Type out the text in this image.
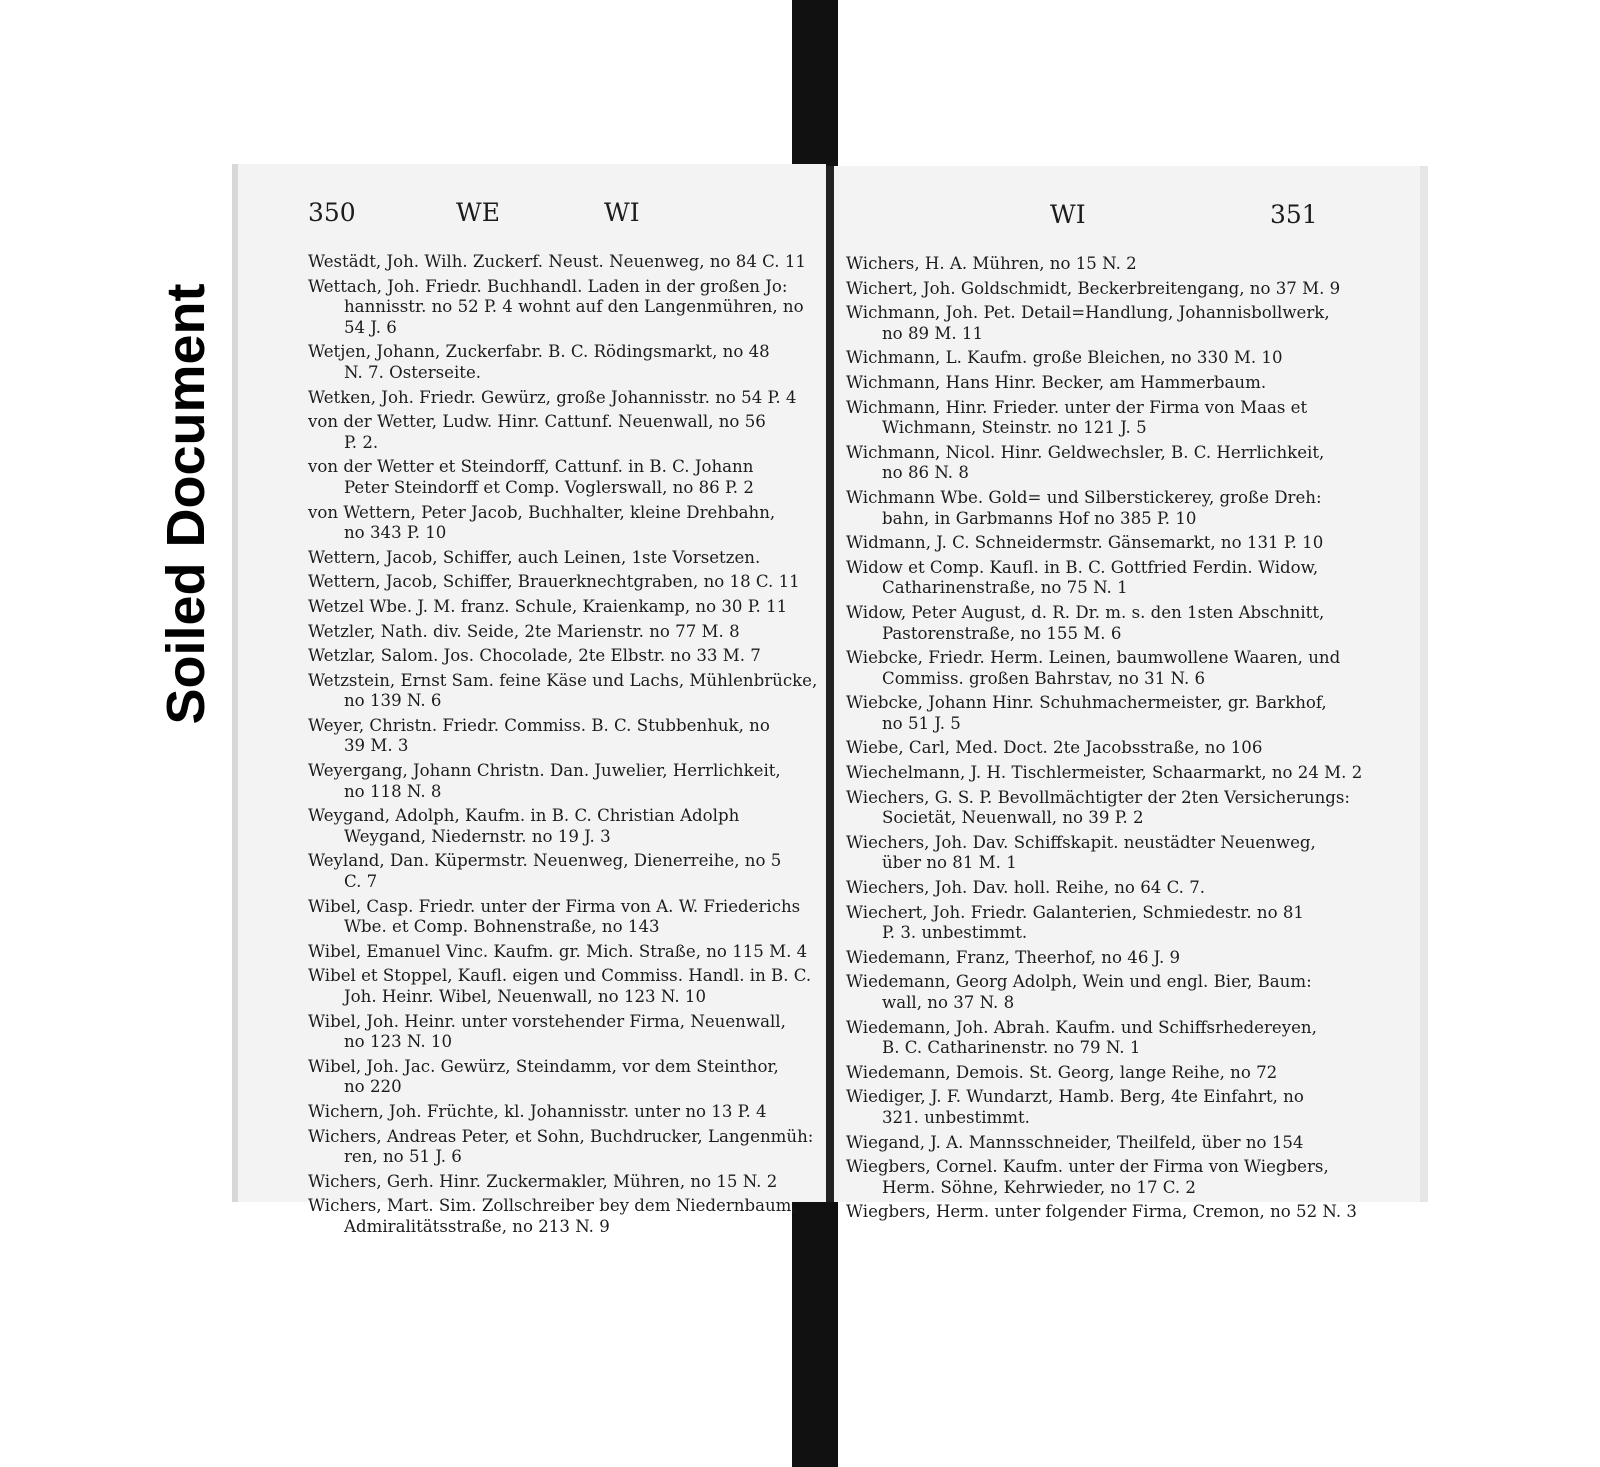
Soiled Document
350	WE	WI
Westädt, Joh. Wilh. Zuckerf. Neust. Neuenweg, no 84 C. 11
Wettach, Joh. Friedr. Buchhandl. Laden in der großen Jo:
hannisstr. no 52 P. 4 wohnt auf den Langenmühren, no
54 J. 6
Wetjen, Johann, Zuckerfabr. B. C. Rödingsmarkt, no 48
N. 7. Osterseite.
Wetken, Joh. Friedr. Gewürz, große Johannisstr. no 54 P. 4
von der Wetter, Ludw. Hinr. Cattunf. Neuenwall, no 56
P. 2.
von der Wetter et Steindorff, Cattunf. in B. C. Johann
Peter Steindorff et Comp. Voglerswall, no 86 P. 2
von Wettern, Peter Jacob, Buchhalter, kleine Drehbahn,
no 343 P. 10
Wettern, Jacob, Schiffer, auch Leinen, 1ste Vorsetzen.
Wettern, Jacob, Schiffer, Brauerknechtgraben, no 18 C. 11
Wetzel Wbe. J. M. franz. Schule, Kraienkamp, no 30 P. 11
Wetzler, Nath. div. Seide, 2te Marienstr. no 77 M. 8
Wetzlar, Salom. Jos. Chocolade, 2te Elbstr. no 33 M. 7
Wetzstein, Ernst Sam. feine Käse und Lachs, Mühlenbrücke,
no 139 N. 6
Weyer, Christn. Friedr. Commiss. B. C. Stubbenhuk, no
39 M. 3
Weyergang, Johann Christn. Dan. Juwelier, Herrlichkeit,
no 118 N. 8
Weygand, Adolph, Kaufm. in B. C. Christian Adolph
Weygand, Niedernstr. no 19 J. 3
Weyland, Dan. Küpermstr. Neuenweg, Dienerreihe, no 5
C. 7
Wibel, Casp. Friedr. unter der Firma von A. W. Friederichs
Wbe. et Comp. Bohnenstraße, no 143
Wibel, Emanuel Vinc. Kaufm. gr. Mich. Straße, no 115 M. 4
Wibel et Stoppel, Kaufl. eigen und Commiss. Handl. in B. C.
Joh. Heinr. Wibel, Neuenwall, no 123 N. 10
Wibel, Joh. Heinr. unter vorstehender Firma, Neuenwall,
no 123 N. 10
Wibel, Joh. Jac. Gewürz, Steindamm, vor dem Steinthor,
no 220
Wichern, Joh. Früchte, kl. Johannisstr. unter no 13 P. 4
Wichers, Andreas Peter, et Sohn, Buchdrucker, Langenmüh:
ren, no 51 J. 6
Wichers, Gerh. Hinr. Zuckermakler, Mühren, no 15 N. 2
Wichers, Mart. Sim. Zollschreiber bey dem Niedernbaum,
Admiralitätsstraße, no 213 N. 9
WI	351
Wichers, H. A. Mühren, no 15 N. 2
Wichert, Joh. Goldschmidt, Beckerbreitengang, no 37 M. 9
Wichmann, Joh. Pet. Detail=Handlung, Johannisbollwerk,
no 89 M. 11
Wichmann, L. Kaufm. große Bleichen, no 330 M. 10
Wichmann, Hans Hinr. Becker, am Hammerbaum.
Wichmann, Hinr. Frieder. unter der Firma von Maas et
Wichmann, Steinstr. no 121 J. 5
Wichmann, Nicol. Hinr. Geldwechsler, B. C. Herrlichkeit,
no 86 N. 8
Wichmann Wbe. Gold= und Silberstickerey, große Dreh:
bahn, in Garbmanns Hof no 385 P. 10
Widmann, J. C. Schneidermstr. Gänsemarkt, no 131 P. 10
Widow et Comp. Kaufl. in B. C. Gottfried Ferdin. Widow,
Catharinenstraße, no 75 N. 1
Widow, Peter August, d. R. Dr. m. s. den 1sten Abschnitt,
Pastorenstraße, no 155 M. 6
Wiebcke, Friedr. Herm. Leinen, baumwollene Waaren, und
Commiss. großen Bahrstav, no 31 N. 6
Wiebcke, Johann Hinr. Schuhmachermeister, gr. Barkhof,
no 51 J. 5
Wiebe, Carl, Med. Doct. 2te Jacobsstraße, no 106
Wiechelmann, J. H. Tischlermeister, Schaarmarkt, no 24 M. 2
Wiechers, G. S. P. Bevollmächtigter der 2ten Versicherungs:
Societät, Neuenwall, no 39 P. 2
Wiechers, Joh. Dav. Schiffskapit. neustädter Neuenweg,
über no 81 M. 1
Wiechers, Joh. Dav. holl. Reihe, no 64 C. 7.
Wiechert, Joh. Friedr. Galanterien, Schmiedestr. no 81
P. 3. unbestimmt.
Wiedemann, Franz, Theerhof, no 46 J. 9
Wiedemann, Georg Adolph, Wein und engl. Bier, Baum:
wall, no 37 N. 8
Wiedemann, Joh. Abrah. Kaufm. und Schiffsrhedereyen,
B. C. Catharinenstr. no 79 N. 1
Wiedemann, Demois. St. Georg, lange Reihe, no 72
Wiediger, J. F. Wundarzt, Hamb. Berg, 4te Einfahrt, no
321. unbestimmt.
Wiegand, J. A. Mannsschneider, Theilfeld, über no 154
Wiegbers, Cornel. Kaufm. unter der Firma von Wiegbers,
Herm. Söhne, Kehrwieder, no 17 C. 2
Wiegbers, Herm. unter folgender Firma, Cremon, no 52 N. 3
